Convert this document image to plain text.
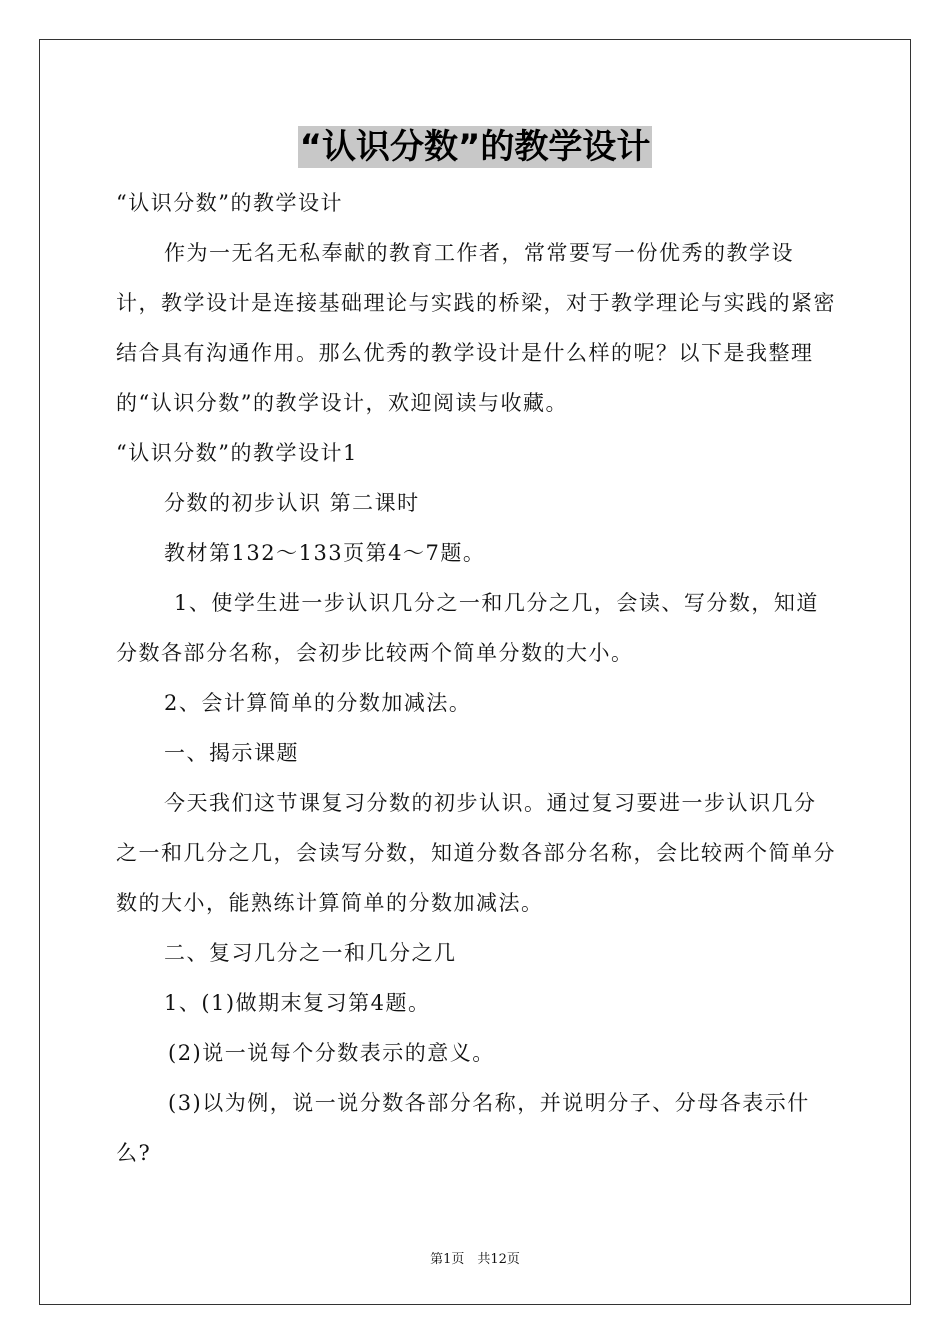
“认识分数”的教学设计

“认识分数”的教学设计

作为一无名无私奉献的教育工作者，常常要写一份优秀的教学设计，教学设计是连接基础理论与实践的桥梁，对于教学理论与实践的紧密结合具有沟通作用。那么优秀的教学设计是什么样的呢？以下是我整理的“认识分数”的教学设计，欢迎阅读与收藏。

“认识分数”的教学设计1

分数的初步认识 第二课时

教材第132～133页第4～7题。

1、使学生进一步认识几分之一和几分之几，会读、写分数，知道分数各部分名称，会初步比较两个简单分数的大小。

2、会计算简单的分数加减法。

一、揭示课题

今天我们这节课复习分数的初步认识。通过复习要进一步认识几分之一和几分之几，会读写分数，知道分数各部分名称，会比较两个简单分数的大小，能熟练计算简单的分数加减法。

二、复习几分之一和几分之几

1、(1)做期末复习第4题。

(2)说一说每个分数表示的意义。

(3)以为例，说一说分数各部分名称，并说明分子、分母各表示什么?

第1页　共12页
